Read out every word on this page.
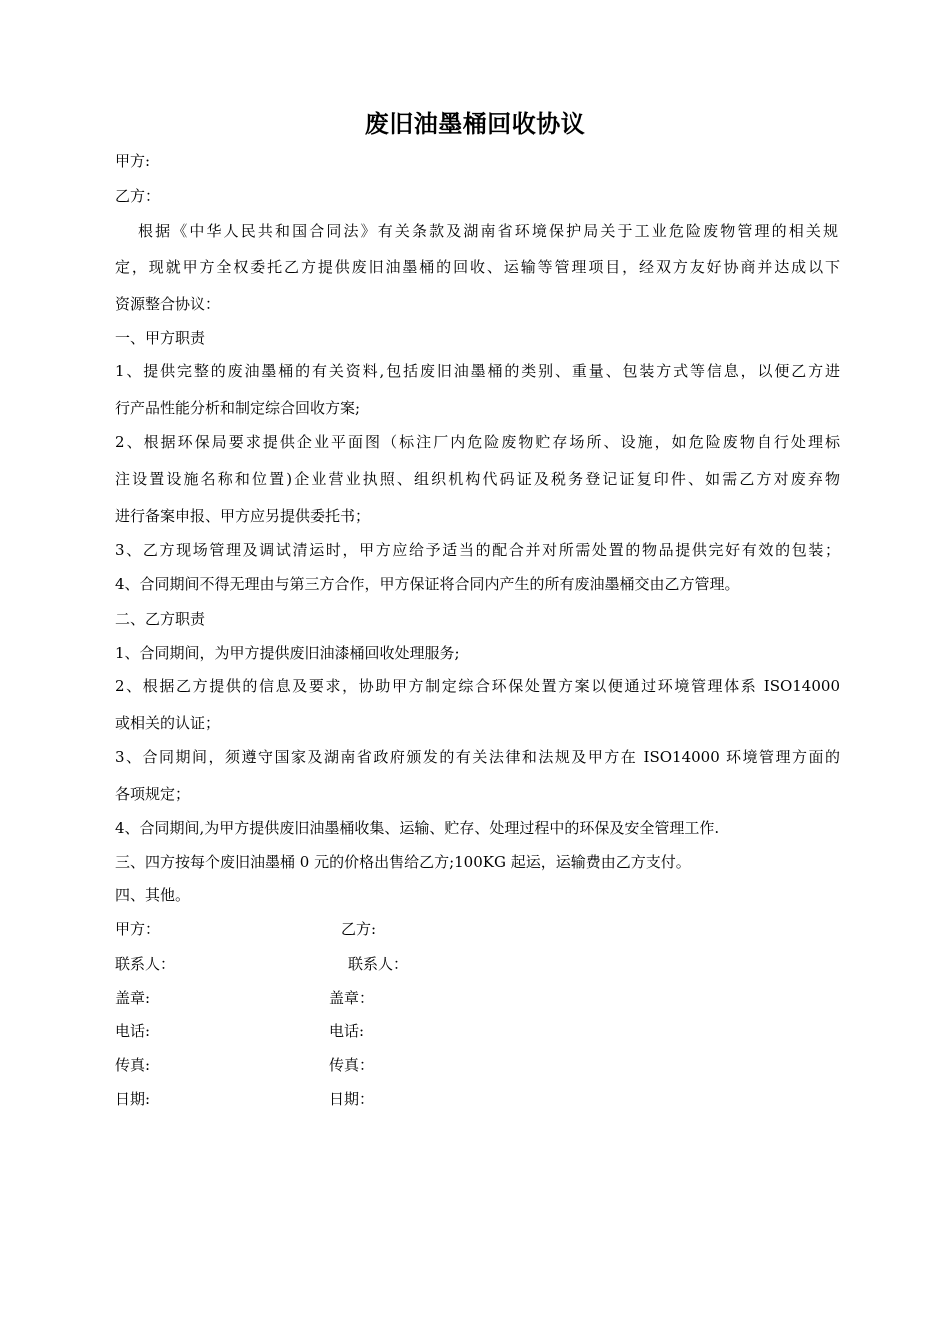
废旧油墨桶回收协议
甲方:
乙方：
根据《中华人民共和国合同法》有关条款及湖南省环境保护局关于工业危险废物管理的相关规
定，现就甲方全权委托乙方提供废旧油墨桶的回收、运输等管理项目，经双方友好协商并达成以下
资源整合协议：
一、甲方职责
1、提供完整的废油墨桶的有关资料,包括废旧油墨桶的类别、重量、包装方式等信息，以便乙方进
行产品性能分析和制定综合回收方案;
2、根据环保局要求提供企业平面图（标注厂内危险废物贮存场所、设施，如危险废物自行处理标
注设置设施名称和位置)企业营业执照、组织机构代码证及税务登记证复印件、如需乙方对废弃物
进行备案申报、甲方应另提供委托书；
3、乙方现场管理及调试清运时，甲方应给予适当的配合并对所需处置的物品提供完好有效的包装；
4、合同期间不得无理由与第三方合作，甲方保证将合同内产生的所有废油墨桶交由乙方管理。
二、乙方职责
1、合同期间，为甲方提供废旧油漆桶回收处理服务;
2、根据乙方提供的信息及要求，协助甲方制定综合环保处置方案以便通过环境管理体系 ISO14000
或相关的认证；
3、合同期间，须遵守国家及湖南省政府颁发的有关法律和法规及甲方在 ISO14000 环境管理方面的
各项规定；
4、合同期间,为甲方提供废旧油墨桶收集、运输、贮存、处理过程中的环保及安全管理工作.
三、四方按每个废旧油墨桶 0 元的价格出售给乙方;100KG 起运，运输费由乙方支付。
四、其他。
甲方：	乙方:
联系人：	联系人：
盖章:	盖章：
电话:	电话:
传真:	传真：
日期:	日期：
